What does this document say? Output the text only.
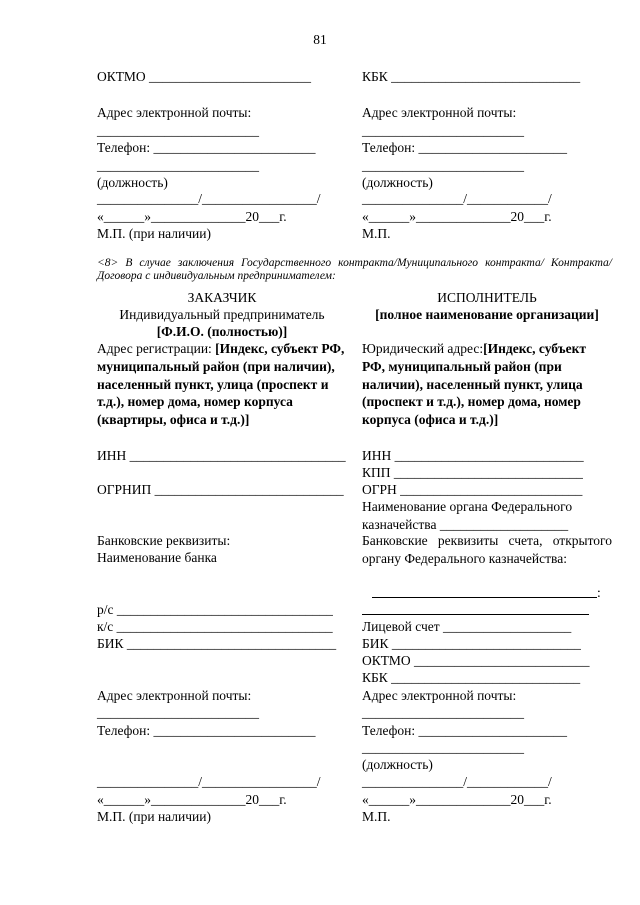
81
ОКТМО ________________________
Адрес электронной почты:
________________________
Телефон: ________________________
________________________
(должность)
_______________/_________________/
«______»______________20___г.
М.П. (при наличии)
КБК ____________________________
Адрес электронной почты:
________________________
Телефон: ______________________
________________________
(должность)
_______________/____________/
«______»______________20___г.
М.П.
<8> В случае заключения Государственного контракта/Муниципального контракта/ Контракта/Договора с индивидуальным предпринимателем:
ЗАКАЗЧИК
Индивидуальный предприниматель
[Ф.И.О. (полностью)]
Адрес регистрации: [Индекс, субъект РФ, муниципальный район (при наличии), населенный пункт, улица (проспект и т.д.), номер дома, номер корпуса (квартиры, офиса и т.д.)]
ИНН ________________________________
ОГРНИП ____________________________
Банковские реквизиты:
Наименование банка
р/с ________________________________
к/с ________________________________
БИК _______________________________
Адрес электронной почты:
________________________
Телефон: ________________________
_______________/_________________/
«______»______________20___г.
М.П. (при наличии)
ИСПОЛНИТЕЛЬ
[полное наименование организации]
Юридический адрес:[Индекс, субъект РФ, муниципальный район (при наличии), населенный пункт, улица (проспект и т.д.), номер дома, номер корпуса (офиса и т.д.)]
ИНН ____________________________
КПП ____________________________
ОГРН ___________________________
Наименование органа Федерального казначейства ___________________
Банковские реквизиты счета, открытого органу Федерального казначейства:
:
Лицевой счет ___________________
БИК ____________________________
ОКТМО __________________________
КБК ____________________________
Адрес электронной почты:
________________________
Телефон: ______________________
________________________
(должность)
_______________/____________/
«______»______________20___г.
М.П.
